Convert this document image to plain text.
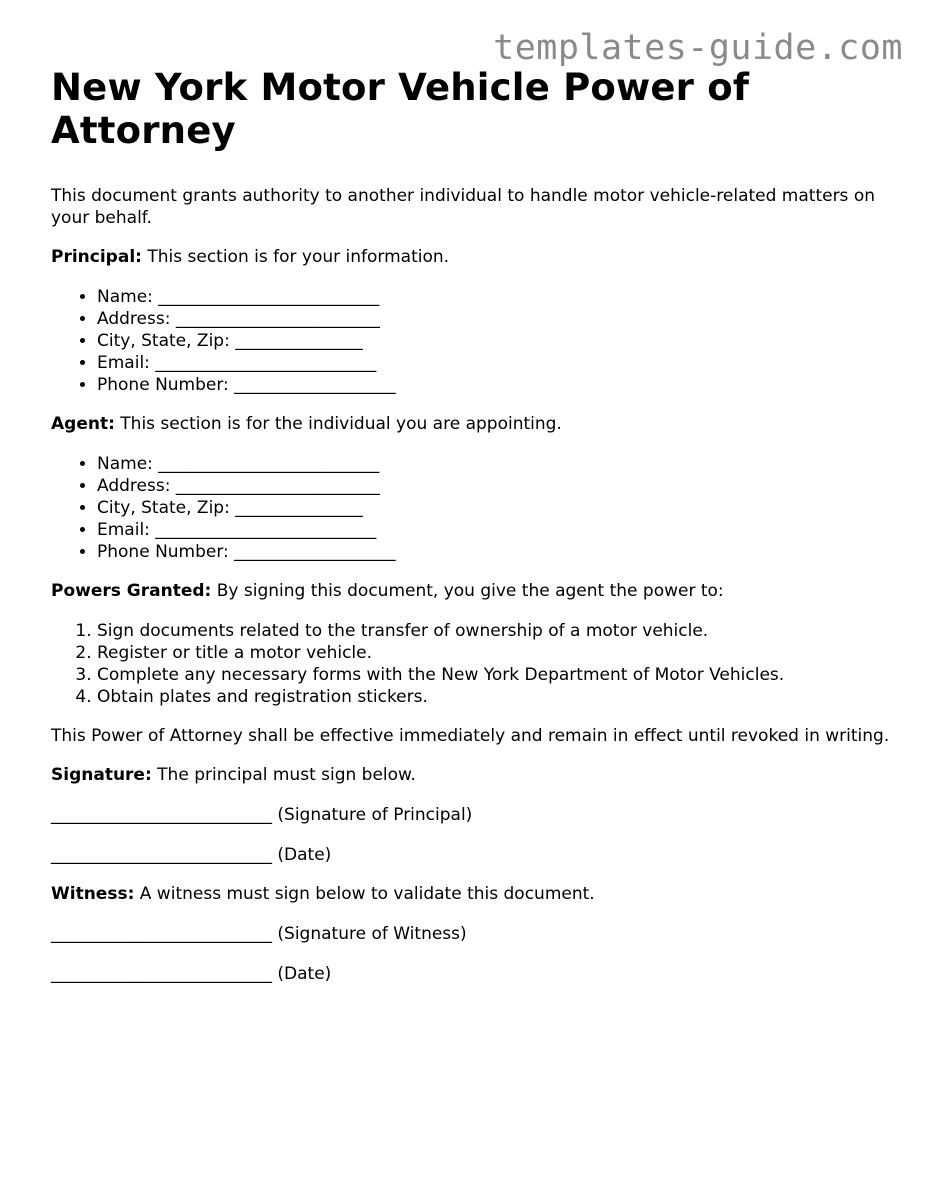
templates-guide.com
New York Motor Vehicle Power of Attorney

This document grants authority to another individual to handle motor vehicle-related matters on your behalf.

Principal: This section is for your information.

• Name: __________________________
• Address: ________________________
• City, State, Zip: _______________
• Email: __________________________
• Phone Number: ___________________

Agent: This section is for the individual you are appointing.

• Name: __________________________
• Address: ________________________
• City, State, Zip: _______________
• Email: __________________________
• Phone Number: ___________________

Powers Granted: By signing this document, you give the agent the power to:

1. Sign documents related to the transfer of ownership of a motor vehicle.
2. Register or title a motor vehicle.
3. Complete any necessary forms with the New York Department of Motor Vehicles.
4. Obtain plates and registration stickers.

This Power of Attorney shall be effective immediately and remain in effect until revoked in writing.

Signature: The principal must sign below.

__________________________ (Signature of Principal)

__________________________ (Date)

Witness: A witness must sign below to validate this document.

__________________________ (Signature of Witness)

__________________________ (Date)
